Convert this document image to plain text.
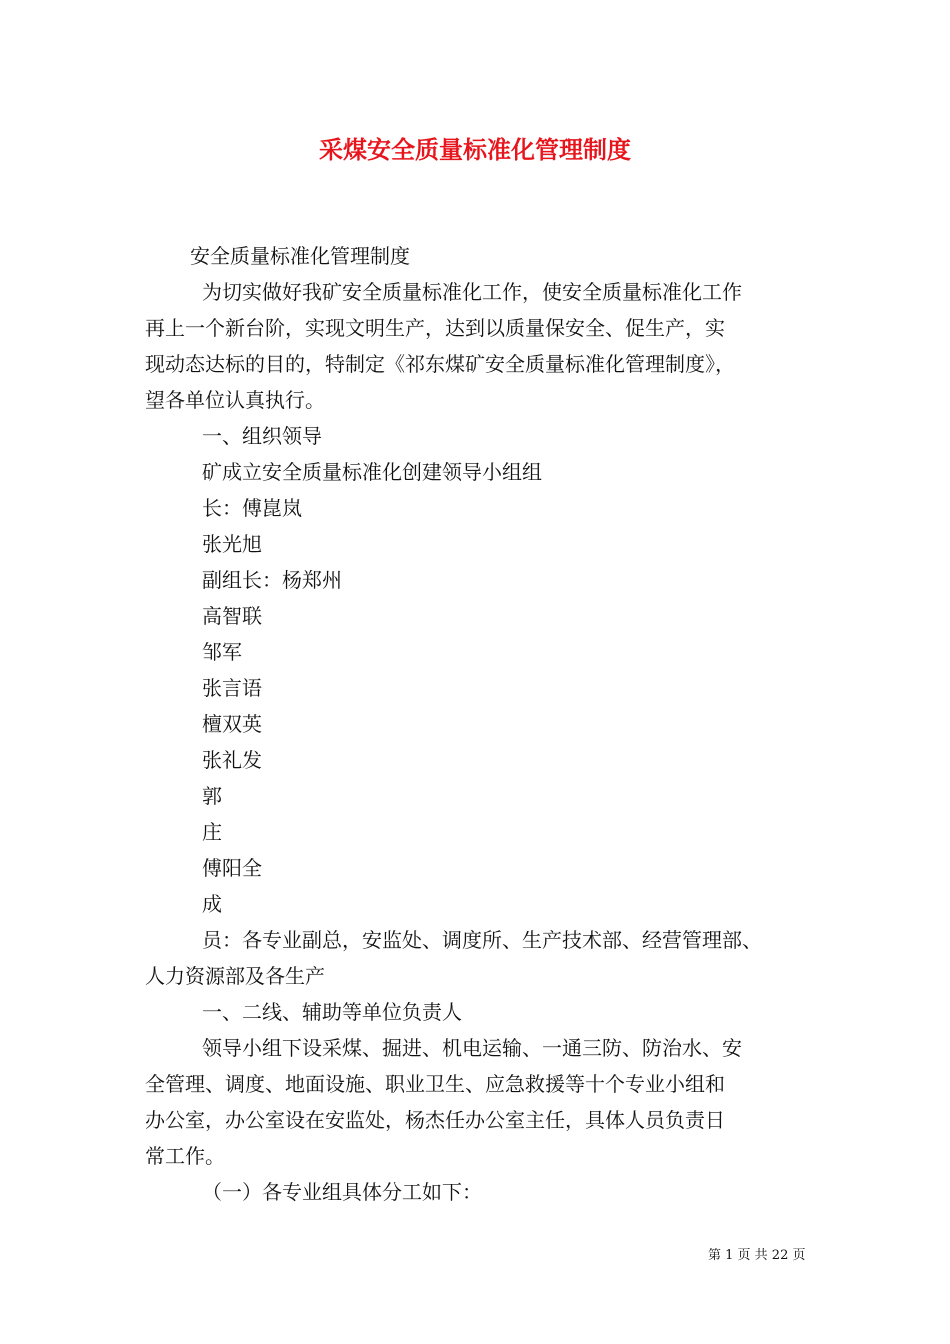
采煤安全质量标准化管理制度

安全质量标准化管理制度

为切实做好我矿安全质量标准化工作，使安全质量标准化工作

再上一个新台阶，实现文明生产，达到以质量保安全、促生产，实

现动态达标的目的，特制定《祁东煤矿安全质量标准化管理制度》，

望各单位认真执行。

一、组织领导

矿成立安全质量标准化创建领导小组组

长：傅崑岚

张光旭

副组长：杨郑州

高智联

邹军

张言语

檀双英

张礼发

郭

庄

傅阳全

成

员：各专业副总，安监处、调度所、生产技术部、经营管理部、

人力资源部及各生产

一、二线、辅助等单位负责人

领导小组下设采煤、掘进、机电运输、一通三防、防治水、安

全管理、调度、地面设施、职业卫生、应急救援等十个专业小组和

办公室，办公室设在安监处，杨杰任办公室主任，具体人员负责日

常工作。

（一）各专业组具体分工如下：

第 1 页 共 22 页
